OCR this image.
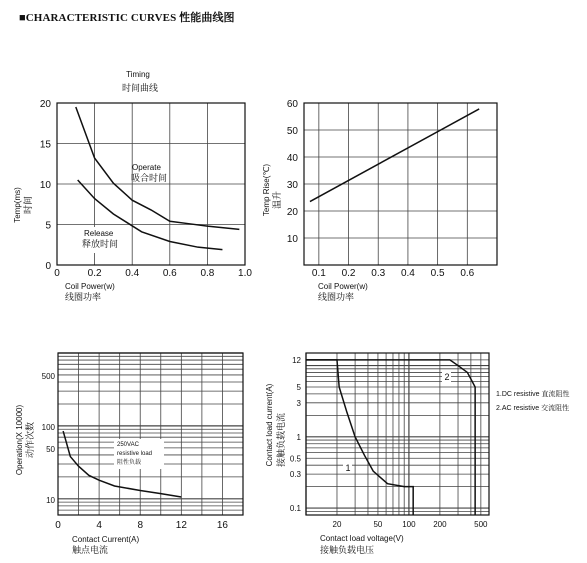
■CHARACTERISTIC CURVES 性能曲线图
0	0.2 0.4 0.6 0.8 1.0
0
5
10
15
20
Timing
时间曲线
Coil Power(w)
线圈功率
Temp(ms) 时间
Operate
吸合时间
Release
释放时间
0.1 0.2 0.3 0.4 0.5 0.6
10
20
30
40
50
60
Coil Power(w)
线圈功率
Temp Rise(℃) 温升
0	4	8	12	16
10
50
100
500
Contact Current(A)
触点电流
Operation(X 10000) 动作次数	250VAC
resistive load
阻性负载
20	50 100 200	500
0.1
0.3
0.5
1
3
5
12
Contact load voltage(V)
接触负载电压
Contact load current(A) 接触负载电流
1
2
1.DC resistive 直流阻性
2.AC resistive 交流阻性
